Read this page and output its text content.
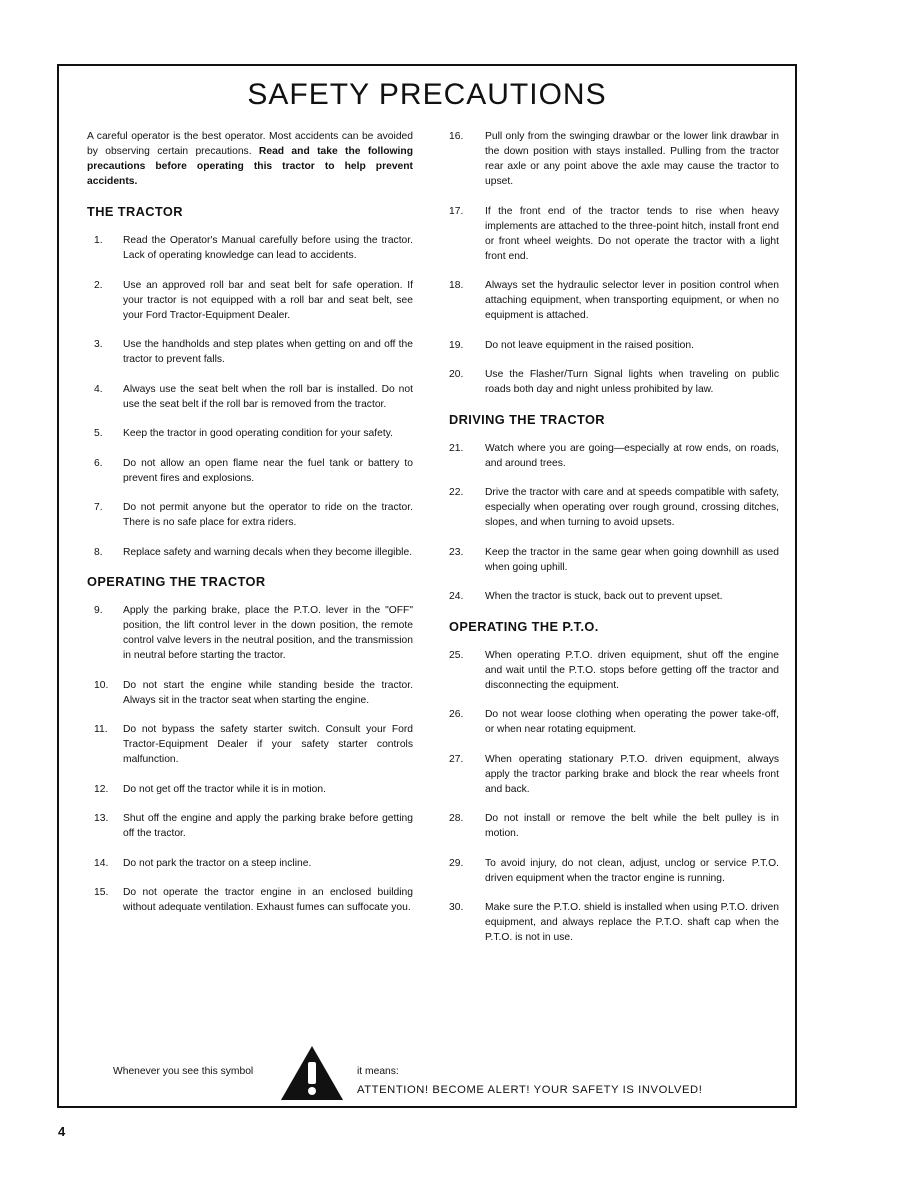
SAFETY PRECAUTIONS

A careful operator is the best operator. Most accidents can be avoided by observing certain precautions. Read and take the following precautions before operating this tractor to help prevent accidents.

THE TRACTOR
1.	Read the Operator's Manual carefully before using the tractor. Lack of operating knowledge can lead to accidents.
2.	Use an approved roll bar and seat belt for safe operation. If your tractor is not equipped with a roll bar and seat belt, see your Ford Tractor-Equipment Dealer.
3.	Use the handholds and step plates when getting on and off the tractor to prevent falls.
4.	Always use the seat belt when the roll bar is installed. Do not use the seat belt if the roll bar is removed from the tractor.
5.	Keep the tractor in good operating condition for your safety.
6.	Do not allow an open flame near the fuel tank or battery to prevent fires and explosions.
7.	Do not permit anyone but the operator to ride on the tractor. There is no safe place for extra riders.
8.	Replace safety and warning decals when they become illegible.
OPERATING THE TRACTOR
9.	Apply the parking brake, place the P.T.O. lever in the "OFF" position, the lift control lever in the down position, the remote control valve levers in the neutral position, and the transmission in neutral before starting the tractor.
10.	Do not start the engine while standing beside the tractor. Always sit in the tractor seat when starting the engine.
11.	Do not bypass the safety starter switch. Consult your Ford Tractor-Equipment Dealer if your safety starter controls malfunction.
12.	Do not get off the tractor while it is in motion.
13.	Shut off the engine and apply the parking brake before getting off the tractor.
14.	Do not park the tractor on a steep incline.
15.	Do not operate the tractor engine in an enclosed building without adequate ventilation. Exhaust fumes can suffocate you.
16.	Pull only from the swinging drawbar or the lower link drawbar in the down position with stays installed. Pulling from the tractor rear axle or any point above the axle may cause the tractor to upset.
17.	If the front end of the tractor tends to rise when heavy implements are attached to the three-point hitch, install front end or front wheel weights. Do not operate the tractor with a light front end.
18.	Always set the hydraulic selector lever in position control when attaching equipment, when transporting equipment, or when no equipment is attached.
19.	Do not leave equipment in the raised position.
20.	Use the Flasher/Turn Signal lights when traveling on public roads both day and night unless prohibited by law.
DRIVING THE TRACTOR
21.	Watch where you are going—especially at row ends, on roads, and around trees.
22.	Drive the tractor with care and at speeds compatible with safety, especially when operating over rough ground, crossing ditches, slopes, and when turning to avoid upsets.
23.	Keep the tractor in the same gear when going downhill as used when going uphill.
24.	When the tractor is stuck, back out to prevent upset.
OPERATING THE P.T.O.
25.	When operating P.T.O. driven equipment, shut off the engine and wait until the P.T.O. stops before getting off the tractor and disconnecting the equipment.
26.	Do not wear loose clothing when operating the power take-off, or when near rotating equipment.
27.	When operating stationary P.T.O. driven equipment, always apply the tractor parking brake and block the rear wheels front and back.
28.	Do not install or remove the belt while the belt pulley is in motion.
29.	To avoid injury, do not clean, adjust, unclog or service P.T.O. driven equipment when the tractor engine is running.
30.	Make sure the P.T.O. shield is installed when using P.T.O. driven equipment, and always replace the P.T.O. shaft cap when the P.T.O. is not in use.
Whenever you see this symbol	it means:
ATTENTION! BECOME ALERT! YOUR SAFETY IS INVOLVED!
4
